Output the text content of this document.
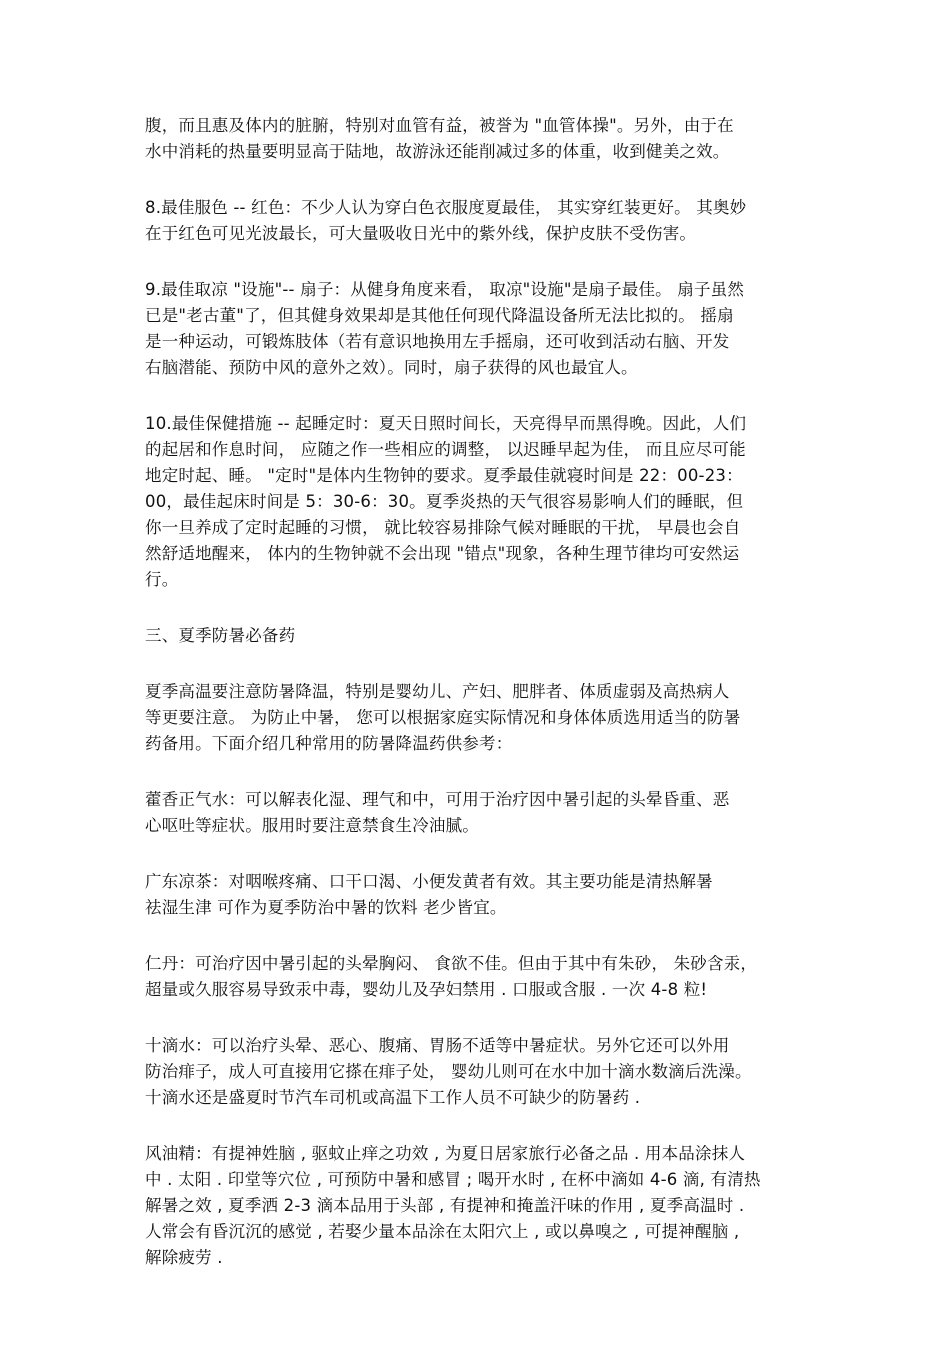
腹，而且惠及体内的脏腑，特别对血管有益，被誉为 "血管体操"。另外，由于在
水中消耗的热量要明显高于陆地，故游泳还能削减过多的体重，收到健美之效。
8.最佳服色 -- 红色：不少人认为穿白色衣服度夏最佳， 其实穿红装更好。 其奥妙
在于红色可见光波最长，可大量吸收日光中的紫外线，保护皮肤不受伤害。
9.最佳取凉 "设施"-- 扇子：从健身角度来看， 取凉"设施"是扇子最佳。 扇子虽然
已是"老古董"了，但其健身效果却是其他任何现代降温设备所无法比拟的。 摇扇
是一种运动，可锻炼肢体（若有意识地换用左手摇扇，还可收到活动右脑、开发
右脑潜能、预防中风的意外之效）。同时，扇子获得的风也最宜人。
10.最佳保健措施 -- 起睡定时：夏天日照时间长，天亮得早而黑得晚。因此，人们
的起居和作息时间， 应随之作一些相应的调整， 以迟睡早起为佳， 而且应尽可能
地定时起、睡。 "定时"是体内生物钟的要求。夏季最佳就寝时间是 22：00-23：
00，最佳起床时间是 5：30-6：30。夏季炎热的天气很容易影响人们的睡眠，但
你一旦养成了定时起睡的习惯， 就比较容易排除气候对睡眠的干扰， 早晨也会自
然舒适地醒来， 体内的生物钟就不会出现 "错点"现象，各种生理节律均可安然运
行。
三、夏季防暑必备药
夏季高温要注意防暑降温，特别是婴幼儿、产妇、肥胖者、体质虚弱及高热病人
等更要注意。 为防止中暑， 您可以根据家庭实际情况和身体体质选用适当的防暑
药备用。下面介绍几种常用的防暑降温药供参考：
藿香正气水：可以解表化湿、理气和中，可用于治疗因中暑引起的头晕昏重、恶
心呕吐等症状。服用时要注意禁食生冷油腻。
广东凉茶：对咽喉疼痛、口干口渴、小便发黄者有效。其主要功能是清热解暑
祛湿生津 可作为夏季防治中暑的饮料 老少皆宜。
仁丹：可治疗因中暑引起的头晕胸闷、 食欲不佳。但由于其中有朱砂， 朱砂含汞，
超量或久服容易导致汞中毒，婴幼儿及孕妇禁用 . 口服或含服 . 一次 4-8 粒!
十滴水：可以治疗头晕、恶心、腹痛、胃肠不适等中暑症状。另外它还可以外用
防治痱子，成人可直接用它搽在痱子处， 婴幼儿则可在水中加十滴水数滴后洗澡。
十滴水还是盛夏时节汽车司机或高温下工作人员不可缺少的防暑药 .
风油精：有提神姓脑 , 驱蚊止痒之功效 , 为夏日居家旅行必备之品 . 用本品涂抹人
中 . 太阳 . 印堂等穴位 , 可预防中暑和感冒 ; 喝开水时 , 在杯中滴如 4-6 滴, 有清热
解暑之效 , 夏季洒 2-3 滴本品用于头部 , 有提神和掩盖汗味的作用 , 夏季高温时 .
人常会有昏沉沉的感觉 , 若娶少量本品涂在太阳穴上 , 或以鼻嗅之 , 可提神醒脑 ,
解除疲劳 .
